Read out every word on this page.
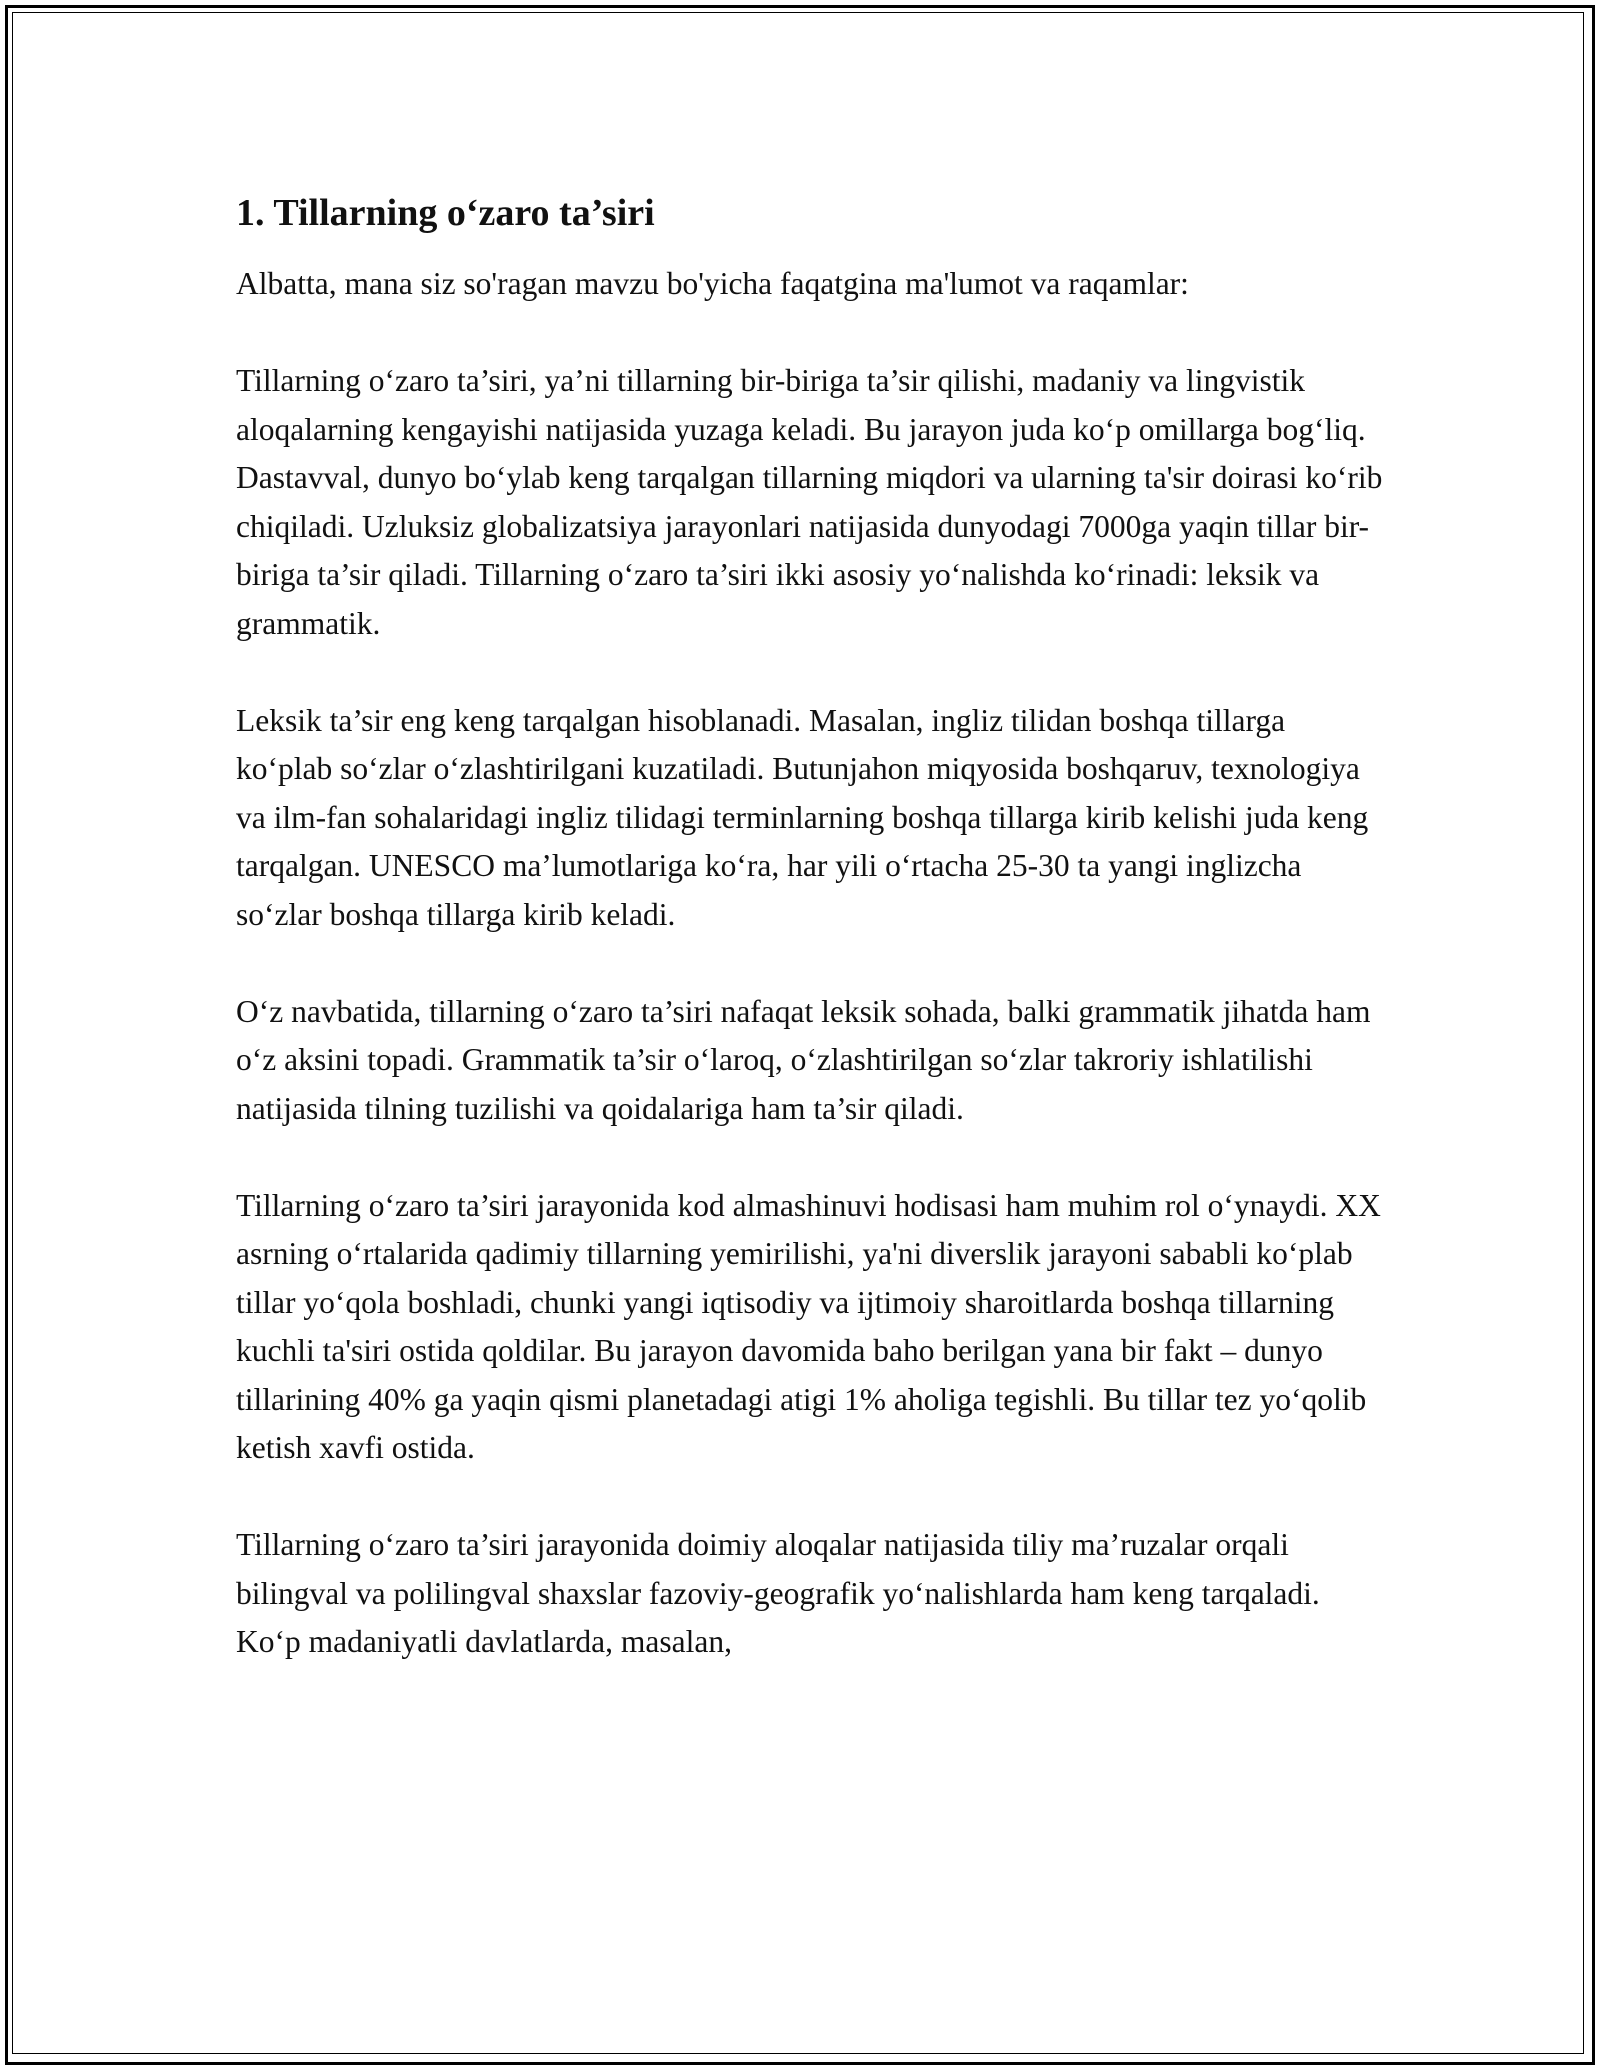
1. Tillarning o‘zaro ta’siri

Albatta, mana siz so'ragan mavzu bo'yicha faqatgina ma'lumot va raqamlar:

Tillarning o‘zaro ta’siri, ya’ni tillarning bir-biriga ta’sir qilishi, madaniy va lingvistik aloqalarning kengayishi natijasida yuzaga keladi. Bu jarayon juda ko‘p omillarga bog‘liq. Dastavval, dunyo bo‘ylab keng tarqalgan tillarning miqdori va ularning ta'sir doirasi ko‘rib chiqiladi. Uzluksiz globalizatsiya jarayonlari natijasida dunyodagi 7000ga yaqin tillar bir-biriga ta’sir qiladi. Tillarning o‘zaro ta’siri ikki asosiy yo‘nalishda ko‘rinadi: leksik va grammatik.

Leksik ta’sir eng keng tarqalgan hisoblanadi. Masalan, ingliz tilidan boshqa tillarga ko‘plab so‘zlar o‘zlashtirilgani kuzatiladi. Butunjahon miqyosida boshqaruv, texnologiya va ilm-fan sohalaridagi ingliz tilidagi terminlarning boshqa tillarga kirib kelishi juda keng tarqalgan. UNESCO ma’lumotlariga ko‘ra, har yili o‘rtacha 25-30 ta yangi inglizcha so‘zlar boshqa tillarga kirib keladi.

O‘z navbatida, tillarning o‘zaro ta’siri nafaqat leksik sohada, balki grammatik jihatda ham o‘z aksini topadi. Grammatik ta’sir o‘laroq, o‘zlashtirilgan so‘zlar takroriy ishlatilishi natijasida tilning tuzilishi va qoidalariga ham ta’sir qiladi.

Tillarning o‘zaro ta’siri jarayonida kod almashinuvi hodisasi ham muhim rol o‘ynaydi. XX asrning o‘rtalarida qadimiy tillarning yemirilishi, ya'ni diverslik jarayoni sababli ko‘plab tillar yo‘qola boshladi, chunki yangi iqtisodiy va ijtimoiy sharoitlarda boshqa tillarning kuchli ta'siri ostida qoldilar. Bu jarayon davomida baho berilgan yana bir fakt – dunyo tillarining 40% ga yaqin qismi planetadagi atigi 1% aholiga tegishli. Bu tillar tez yo‘qolib ketish xavfi ostida.

Tillarning o‘zaro ta’siri jarayonida doimiy aloqalar natijasida tiliy ma’ruzalar orqali bilingval va polilingval shaxslar fazoviy-geografik yo‘nalishlarda ham keng tarqaladi. Ko‘p madaniyatli davlatlarda, masalan,
